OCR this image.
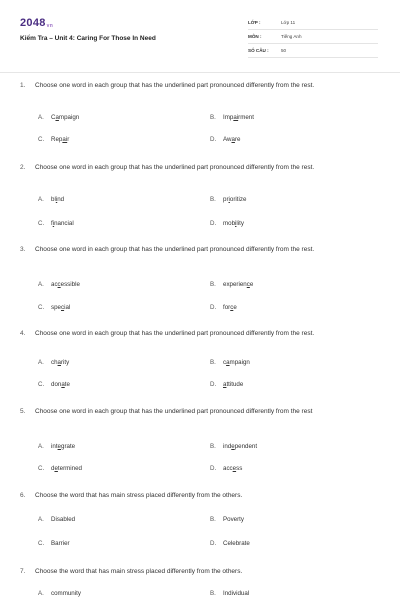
$2048_{vn}$
Kiểm Tra – Unit 4: Caring For Those In Need
LỚP :	Lớp 11
MÔN :	Tiếng Anh
SỐ CÂU :	50
1.	Choose one word in each group that has the underlined part pronounced differently from the rest.
A.	Campaign	B.	Impairment
C.	Repair	D.	Aware
2.	Choose one word in each group that has the underlined part pronounced differently from the rest.
A.	blind	B.	prioritize
C.	financial	D.	mobility
3.	Choose one word in each group that has the underlined part pronounced differently from the rest.
A.	accessible	B.	experience
C.	special	D.	force
4.	Choose one word in each group that has the underlined part pronounced differently from the rest.
A.	charity	B.	campaign
C.	donate	D.	attitude
5.	Choose one word in each group that has the underlined part pronounced differently from the rest
A.	integrate	B.	independent
C.	determined	D.	access
6.	Choose the word that has main stress placed differently from the others.
A.	Disabled	B.	Poverty
C.	Barrier	D.	Celebrate
7.	Choose the word that has main stress placed differently from the others.
A.	community	B.	Individual
